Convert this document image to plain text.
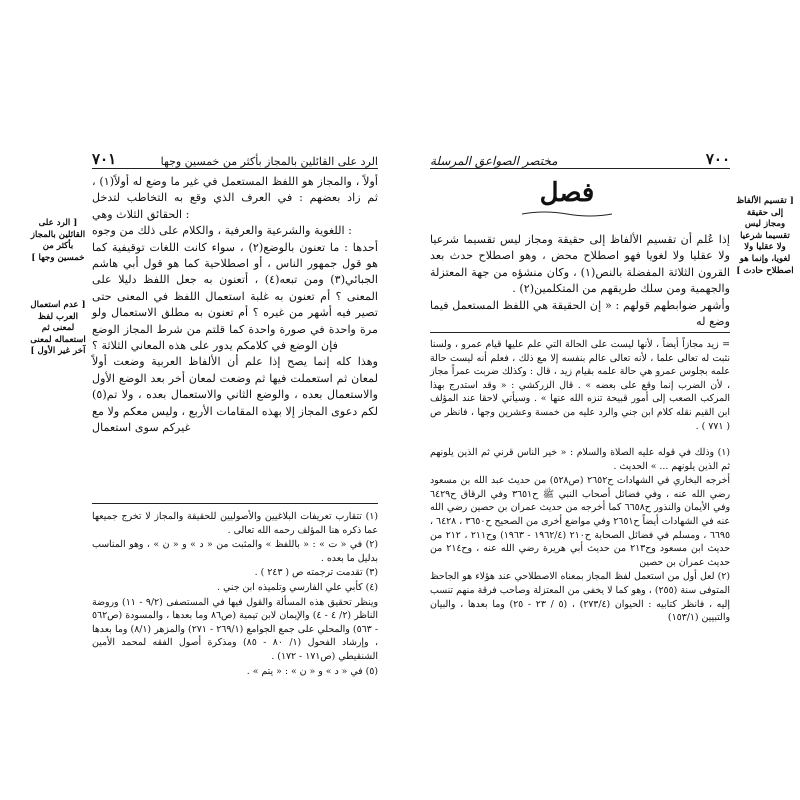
الرد على القائلين بالمجاز بأكثر من خمسين وجها
٧٠١

أولاً ، والمجاز هو اللفظ المستعمل في غير ما وضع له أولاً(١) ، ثم زاد بعضهم : في العرف الذي وقع به التخاطب لتدخل الحقائق الثلاث وهي :

اللغوية والشرعية والعرفية ، والكلام على ذلك من وجوه :

أحدها : ما تعنون بالوضع(٢) ، سواء كانت اللغات توقيفية كما هو قول جمهور الناس ، أو اصطلاحية كما هو قول أبي هاشم الجبائي(٣) ومن تبعه(٤) ، أتعنون به جعل اللفظ دليلا على المعنى ؟ أم تعنون به غلبة استعمال اللفظ في المعنى حتى تصير فيه أشهر من غيره ؟ أم تعنون به مطلق الاستعمال ولو مرة واحدة في صورة واحدة كما قلتم من شرط المجاز الوضع فإن الوضع في كلامكم يدور على هذه المعاني الثلاثة ؟

وهذا كله إنما يصح إذا علم أن الألفاظ العربية وضعت أولاً لمعان ثم استعملت فيها ثم وضعت لمعان أخر بعد الوضع الأول والاستعمال بعده ، والوضع الثاني والاستعمال بعده ، ولا تم(٥) لكم دعوى المجاز إلا بهذه المقامات الأربع ، وليس معكم ولا مع غيركم سوى استعمال

(١) تتقارب تعريفات البلاغيين والأصوليين للحقيقة والمجاز لا تخرج جميعها عما ذكره هنا المؤلف رحمه الله تعالى .

(٢) في « ت » : « باللفظ » والمثبت من « د » و « ن » ، وهو المناسب بدليل ما بعده .

(٣) تقدمت ترجمته ص ( ٢٤٣ ) .

(٤) كأبي علي الفارسي وتلميذه ابن جني .

وينظر تحقيق هذه المسألة والقول فيها في المستصفى (٩/٢ - ١١) وروضة الناظر (٢/ ٤ - ٤) والإيمان لابن تيمية (ص٨٦ وما بعدها ، والمسودة (ص٥٦٢ - ٥٦٣) والمحلي على جمع الجوامع (٢٦٩/١ - ٢٧١) والمزهر (٨/١) وما بعدها ، وإرشاد الفحول (١/ ٨٠ - ٨٥) ومذكرة أصول الفقه لمحمد الأمين الشنقيطي (ص١٧١ - ١٧٢) .

(٥) في « د » و « ن » : « يتم » .

[ الرد على القائلين بالمجاز بأكثر من خمسين وجها ]
[ عدم استعمال العرب لفظ لمعنى ثم استعماله لمعنى آخر غير الأول ]
٧٠٠
مختصر الصواعق المرسلة
فصل

إذا عُلم أن تقسيم الألفاظ إلى حقيقة ومجاز ليس تقسيما شرعيا ولا عقليا ولا لغويا فهو اصطلاح محض ، وهو اصطلاح حدث بعد القرون الثلاثة المفضلة بالنص(١) ، وكان منشؤه من جهة المعتزلة والجهمية ومن سلك طريقهم من المتكلمين(٢) .

وأشهر ضوابطهم قولهم : « إن الحقيقة هي اللفظ المستعمل فيما وضع له

= زيد مجازاً أيضاً ، لأنها ليست على الحالة التي علم عليها قيام عمرو ، ولسنا نثبت له تعالى علما ، لأنه تعالى عالم بنفسه إلا مع ذلك ، فعلم أنه ليست حالة علمه بجلوس عمرو هي حالة علمه بقيام زيد ، قال : وكذلك ضربت عمراً مجاز ، لأن الضرب إنما وقع على بعضه » . قال الزركشي : « وقد استدرج بهذا المركب الصعب إلى أمور قبيحة تنزه الله عنها » . وسيأتي لاحقا عند المؤلف ابن القيم نقله كلام ابن جني والرد عليه من خمسة وعشرين وجها ، فانظر ص ( ٧٧١ ) .

(١) وذلك في قوله عليه الصلاة والسلام : « خير الناس قرني ثم الذين يلونهم ثم الذين يلونهم ... » الحديث .

أخرجه البخاري في الشهادات ح٢٦٥٢ (ص٥٢٨) من حديث عبد الله بن مسعود رضي الله عنه ، وفي فضائل أصحاب النبي ﷺ ح٣٦٥١ وفي الرقاق ح٦٤٢٩ وفي الأيمان والنذور ح٦٦٥٨ كما أخرجه من حديث عمران بن حصين رضي الله عنه في الشهادات أيضاً ح٢٦٥١ وفي مواضع أخرى من الصحيح ح٣٦٥٠ ، ٦٤٢٨ ، ٦٦٩٥ ، ومسلم في فضائل الصحابة ح٢١٠ (١٩٦٢/٤ - ١٩٦٣) وح٢١١ ، ٢١٢ من حديث ابن مسعود وح٢١٣ من حديث أبي هريرة رضي الله عنه ، وح٢١٤ من حديث عمران بن حصين

(٢) لعل أول من استعمل لفظ المجاز بمعناه الاصطلاحي عند هؤلاء هو الجاحظ المتوفى سنة (٢٥٥) ، وهو كما لا يخفى من المعتزلة وصاحب فرقة منهم تنسب إليه ، فانظر كتابيه : الحيوان (٢٧٣/٤) ، (٥ / ٢٣ - ٢٥) وما بعدها ، والبيان والتبيين (١٥٣/١)

[ تقسيم الألفاظ إلى حقيقة ومجاز ليس تقسيما شرعيا ولا عقليا ولا لغويا، وإنما هو اصطلاح حادث ]
